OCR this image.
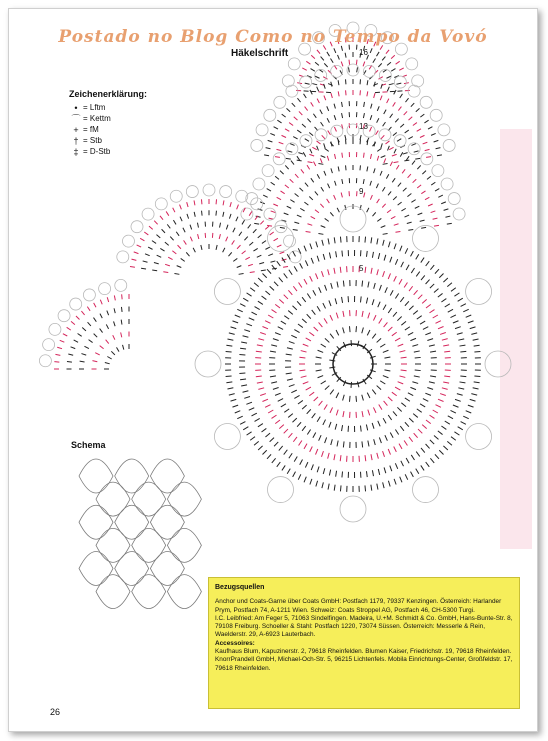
16
13
9
5
Postado no Blog Como no Tempo da Vovó
Häkelschrift
Zeichenerklärung:
• = Lftm
⌒ = Kettm
+ = fM
† = Stb
‡ = D-Stb
Schema
Bezugsquellen

Anchor und Coats-Garne über Coats GmbH: Postfach 1179, 79337 Kenzingen. Österreich: Harlander Prym, Postfach 74, A-1211 Wien. Schweiz: Coats Stroppel AG, Postfach 46, CH-5300 Turgi.

I.C. Leibfried: Am Feger 5, 71063 Sindelfingen. Madeira, U.+M. Schmidt & Co. GmbH, Hans-Bunte-Str. 8, 79108 Freiburg. Schoeller & Stahl: Postfach 1220, 73074 Süssen. Österreich: Messerle & Rein, Waelderstr. 29, A-6923 Lauterbach.

Accessoires:

Kaufhaus Blum, Kapuzinerstr. 2, 79618 Rheinfelden. Blumen Kaiser, Friedrichstr. 19, 79618 Rheinfelden. KnorrPrandell GmbH, Michael-Och-Str. 5, 96215 Lichtenfels. Mobila Einrichtungs-Center, Großfeldstr. 17, 79618 Rheinfelden.

26
